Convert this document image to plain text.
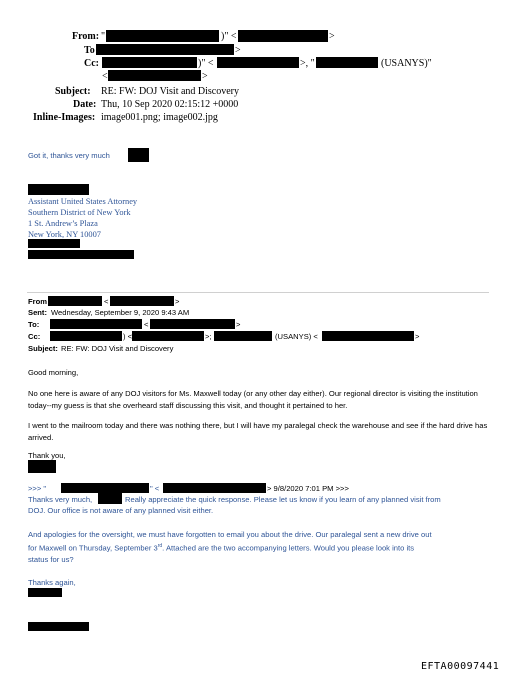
From: "	)" <	>
To	>
Cc:	)" <	>, "	(USANYS)"
<	>
Subject: RE: FW: DOJ Visit and Discovery
Date: Thu, 10 Sep 2020 02:15:12 +0000
Inline-Images: image001.png; image002.jpg
Got it, thanks very much
Assistant United States Attorney
Southern District of New York
1 St. Andrew’s Plaza
New York, NY 10007
From	<	>
Sent: Wednesday, September 9, 2020 9:43 AM
To:	<	>
Cc:	) <	>;	(USANYS) <	>
Subject: RE: FW: DOJ Visit and Discovery
Good morning,
No one here is aware of any DOJ visitors for Ms. Maxwell today (or any other day either). Our regional director is visiting the institution today--my guess is that she overheard staff discussing this visit, and thought it pertained to her.
I went to the mailroom today and there was nothing there, but I will have my paralegal check the warehouse and see if the hard drive has arrived.
Thank you,
>>> "	" <	> 9/8/2020 7:01 PM >>>
Thanks very much,	Really appreciate the quick response. Please let us know if you learn of any planned visit from
DOJ. Our office is not aware of any planned visit either.
And apologies for the oversight, we must have forgotten to email you about the drive. Our paralegal sent a new drive out
for Maxwell on Thursday, September 3rd. Attached are the two accompanying letters. Would you please look into its
status for us?
Thanks again,
EFTA00097441
